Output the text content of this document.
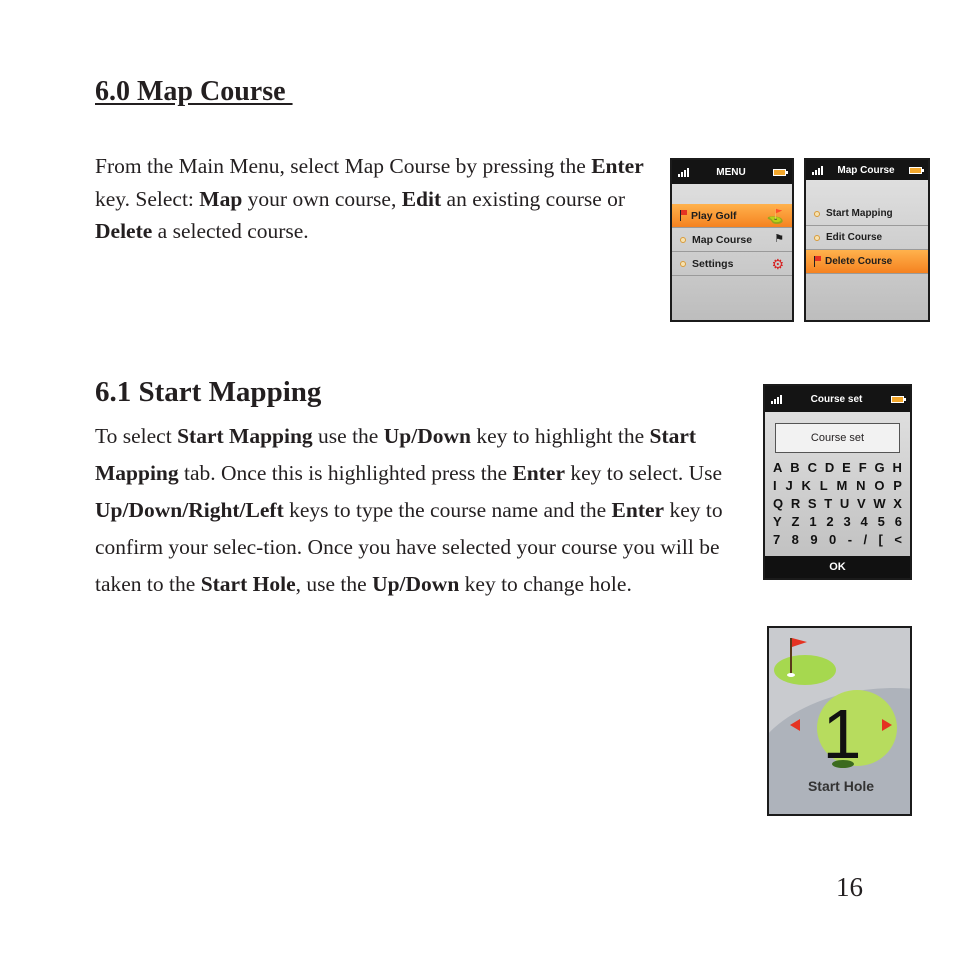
6.0 Map Course

From the Main Menu, select Map Course by pressing the Enter key. Select: Map your own course, Edit an existing course or Delete a selected course.

6.1 Start Mapping

To select Start Mapping use the Up/Down key to highlight the Start Mapping tab. Once this is highlighted press the Enter key to select. Use Up/Down/Right/Left keys to type the course name and the Enter key to confirm your selec-tion. Once you have selected your course you will be taken to the Start Hole, use the Up/Down key to change hole.

16
MENU
Play Golf ⛳
Map Course ⚑
Settings	⚙
Map Course
Start Mapping
Edit Course
Delete Course
Course set
Course set
A B C D E F G H
I J K L M N O P
Q R S T U V W X
Y Z 1 2 3 4 5 6
7 8 9 0 - / [ <
OK
1
Start Hole
